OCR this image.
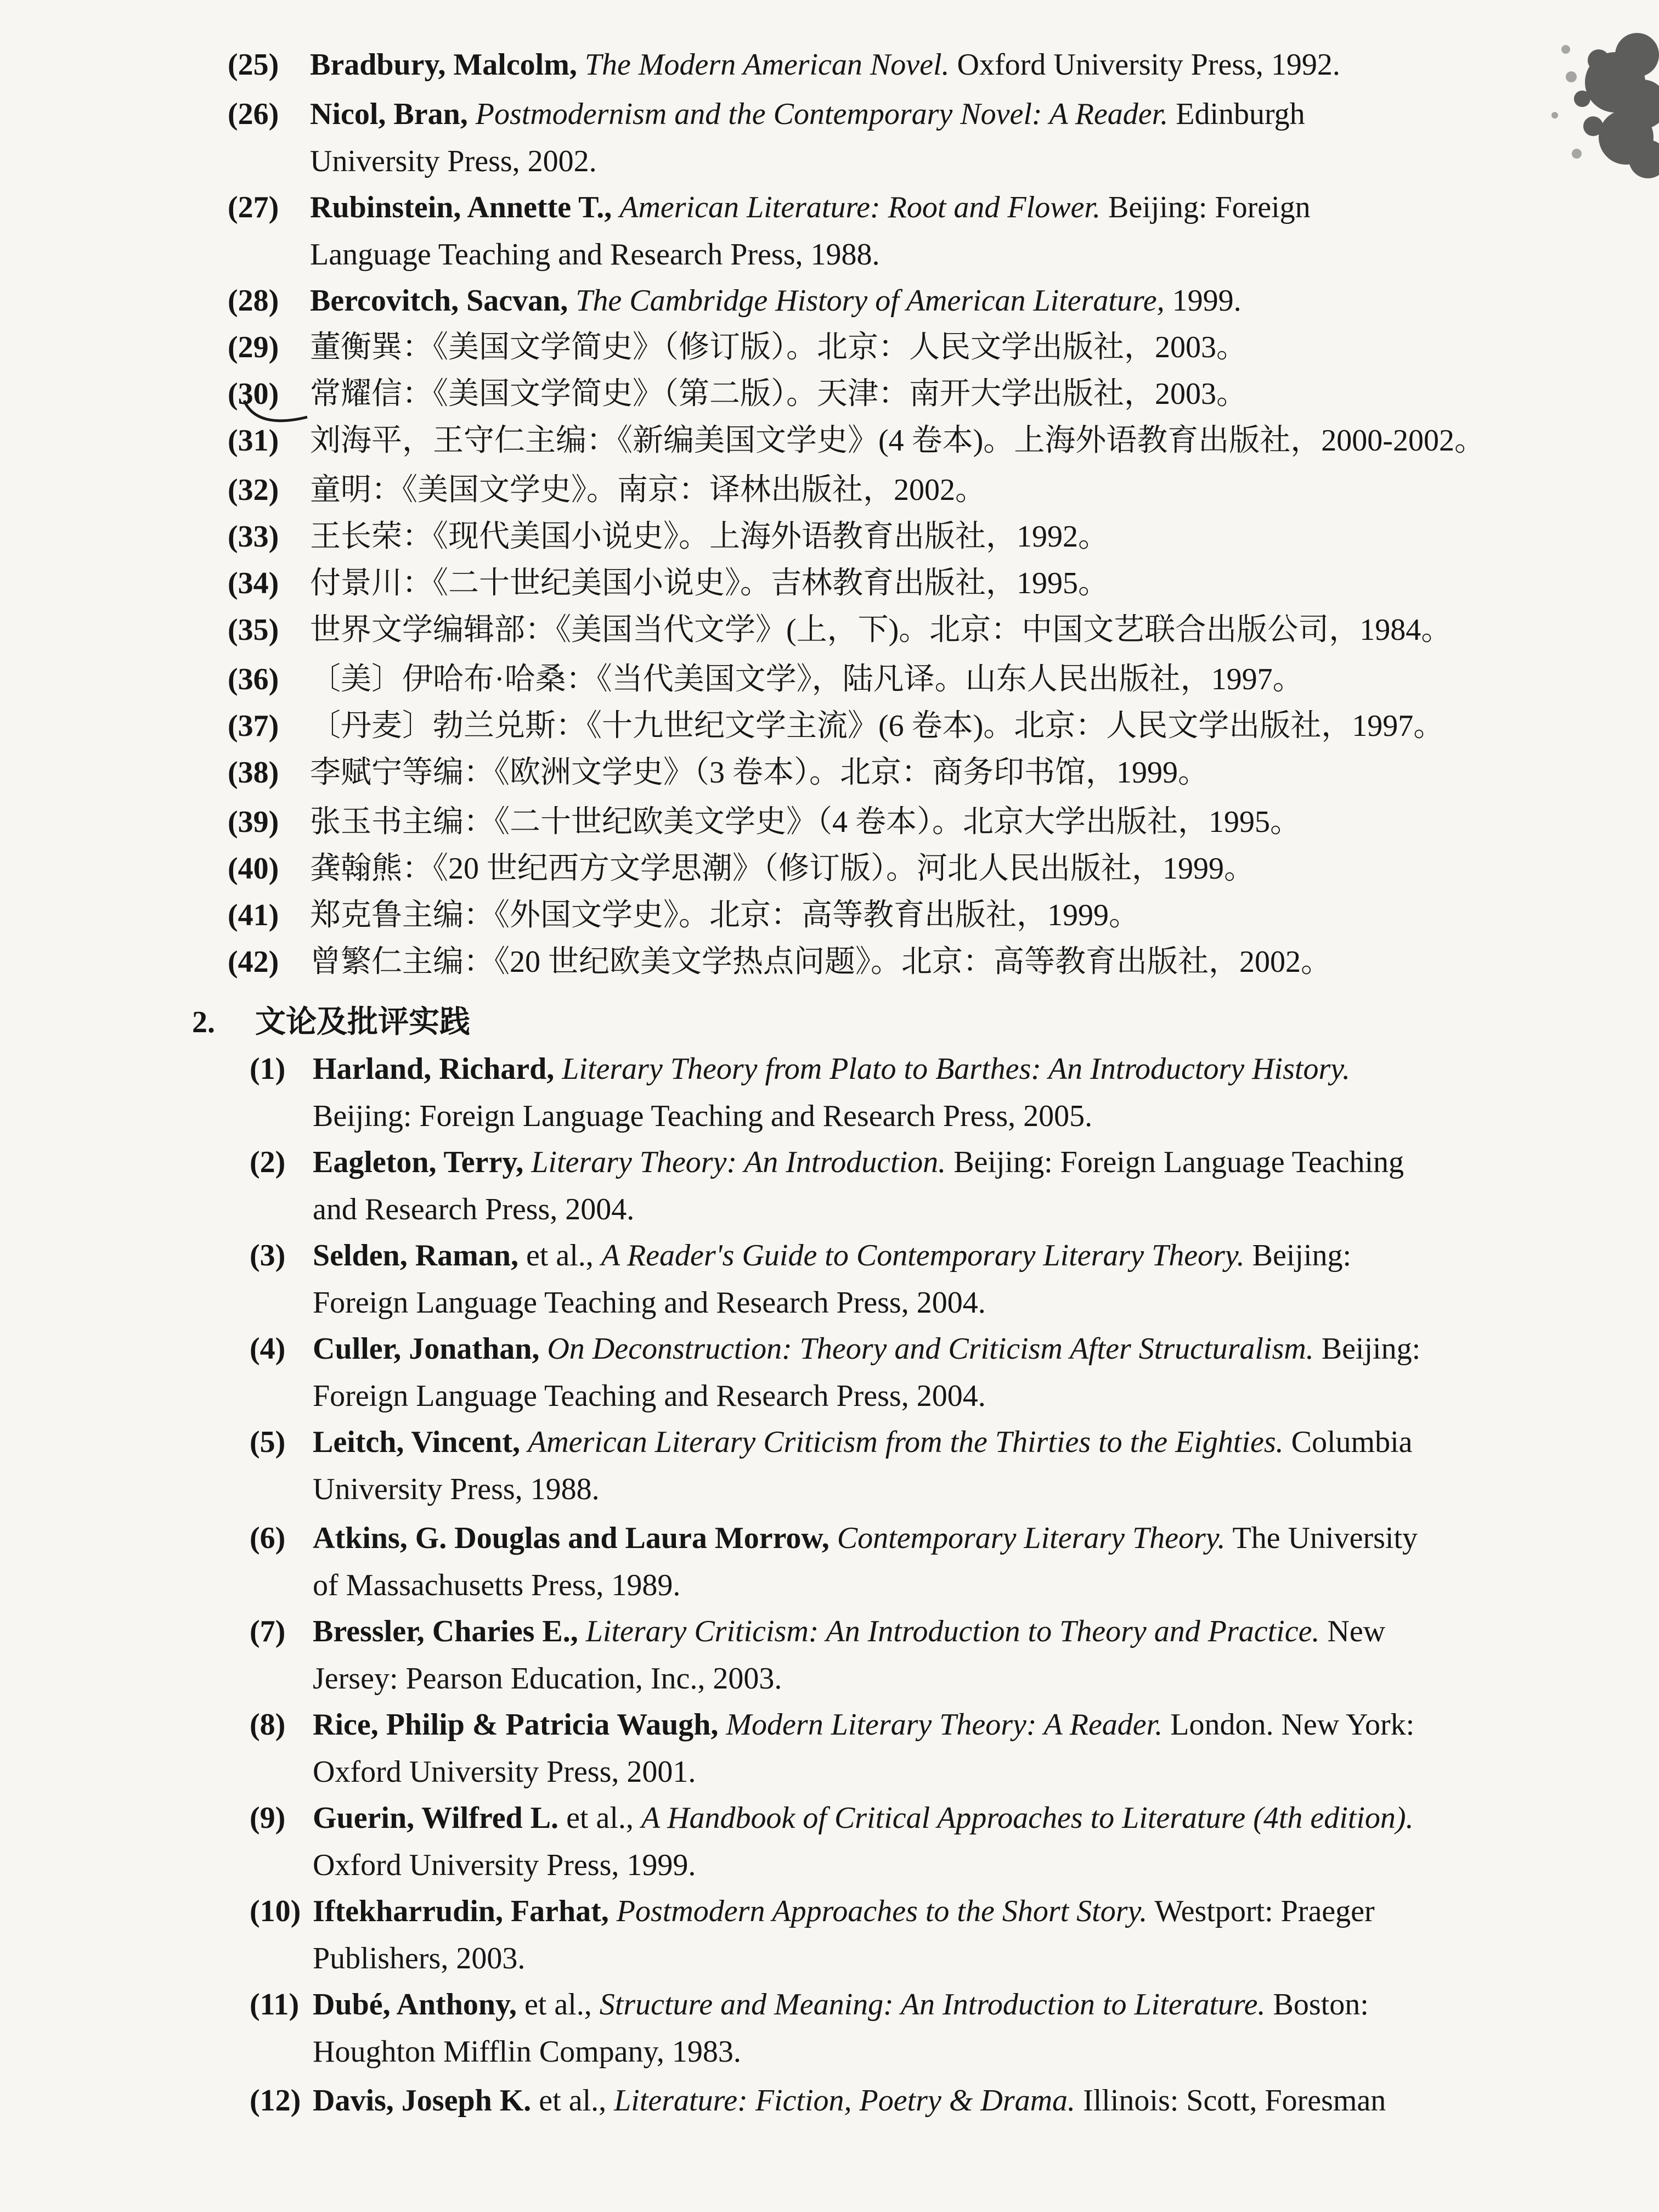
(25) Bradbury, Malcolm, The Modern American Novel. Oxford University Press, 1992.
(26) Nicol, Bran, Postmodernism and the Contemporary Novel: A Reader. Edinburgh
University Press, 2002.
(27) Rubinstein, Annette T., American Literature: Root and Flower. Beijing: Foreign
Language Teaching and Research Press, 1988.
(28) Bercovitch, Sacvan, The Cambridge History of American Literature, 1999.
(29) 董衡巽：《美国文学简史》（修订版）。北京：人民文学出版社，2003。
(30) 常耀信：《美国文学简史》（第二版）。天津：南开大学出版社，2003。
(31) 刘海平，王守仁主编：《新编美国文学史》(4 卷本)。上海外语教育出版社，2000-2002。
(32) 童明：《美国文学史》。南京：译林出版社，2002。
(33) 王长荣：《现代美国小说史》。上海外语教育出版社，1992。
(34) 付景川：《二十世纪美国小说史》。吉林教育出版社，1995。
(35) 世界文学编辑部：《美国当代文学》(上，下)。北京：中国文艺联合出版公司，1984。
(36) 〔美〕伊哈布·哈桑：《当代美国文学》，陆凡译。山东人民出版社，1997。
(37) 〔丹麦〕勃兰兑斯：《十九世纪文学主流》(6 卷本)。北京：人民文学出版社，1997。
(38) 李赋宁等编：《欧洲文学史》（3 卷本）。北京：商务印书馆，1999。
(39) 张玉书主编：《二十世纪欧美文学史》（4 卷本）。北京大学出版社，1995。
(40) 龚翰熊：《20 世纪西方文学思潮》（修订版）。河北人民出版社，1999。
(41) 郑克鲁主编：《外国文学史》。北京：高等教育出版社，1999。
(42) 曾繁仁主编：《20 世纪欧美文学热点问题》。北京：高等教育出版社，2002。
2. 文论及批评实践
(1) Harland, Richard, Literary Theory from Plato to Barthes: An Introductory History.
Beijing: Foreign Language Teaching and Research Press, 2005.
(2) Eagleton, Terry, Literary Theory: An Introduction. Beijing: Foreign Language Teaching
and Research Press, 2004.
(3) Selden, Raman, et al., A Reader's Guide to Contemporary Literary Theory. Beijing:
Foreign Language Teaching and Research Press, 2004.
(4) Culler, Jonathan, On Deconstruction: Theory and Criticism After Structuralism. Beijing:
Foreign Language Teaching and Research Press, 2004.
(5) Leitch, Vincent, American Literary Criticism from the Thirties to the Eighties. Columbia
University Press, 1988.
(6) Atkins, G. Douglas and Laura Morrow, Contemporary Literary Theory. The University
of Massachusetts Press, 1989.
(7) Bressler, Charies E., Literary Criticism: An Introduction to Theory and Practice. New
Jersey: Pearson Education, Inc., 2003.
(8) Rice, Philip & Patricia Waugh, Modern Literary Theory: A Reader. London. New York:
Oxford University Press, 2001.
(9) Guerin, Wilfred L. et al., A Handbook of Critical Approaches to Literature (4th edition).
Oxford University Press, 1999.
(10) Iftekharrudin, Farhat, Postmodern Approaches to the Short Story. Westport: Praeger
Publishers, 2003.
(11) Dubé, Anthony, et al., Structure and Meaning: An Introduction to Literature. Boston:
Houghton Mifflin Company, 1983.
(12) Davis, Joseph K. et al., Literature: Fiction, Poetry & Drama. Illinois: Scott, Foresman
